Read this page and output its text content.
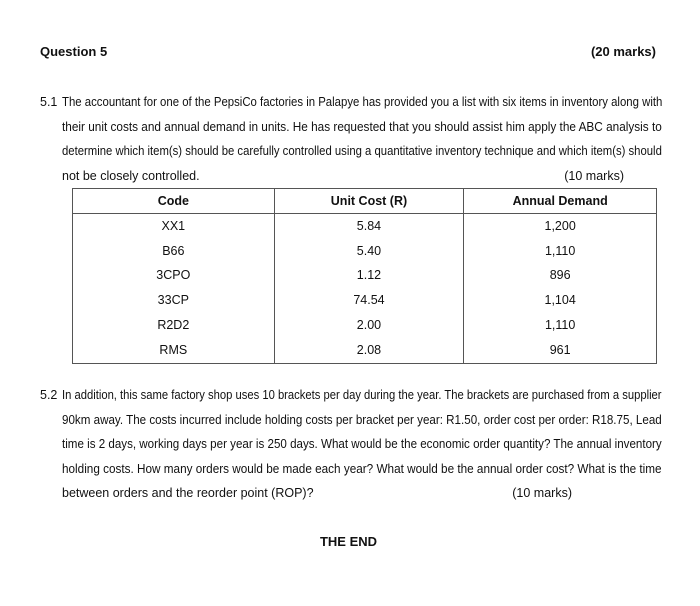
Question 5	(20 marks)
5.1 The accountant for one of the PepsiCo factories in Palapye has provided you a list with six items in inventory along with
their unit costs and annual demand in units. He has requested that you should assist him apply the ABC analysis to
determine which item(s) should be carefully controlled using a quantitative inventory technique and which item(s) should
not be closely controlled.	(10 marks)
Code	Unit Cost (R)	Annual Demand
XX1	5.84	1,200
B66	5.40	1,110
3CPO	1.12	896
33CP	74.54	1,104
R2D2	2.00	1,110
RMS	2.08	961
5.2 In addition, this same factory shop uses 10 brackets per day during the year. The brackets are purchased from a supplier
90km away. The costs incurred include holding costs per bracket per year: R1.50, order cost per order: R18.75, Lead
time is 2 days, working days per year is 250 days. What would be the economic order quantity? The annual inventory
holding costs. How many orders would be made each year? What would be the annual order cost? What is the time
between orders and the reorder point (ROP)?	(10 marks)
THE END
